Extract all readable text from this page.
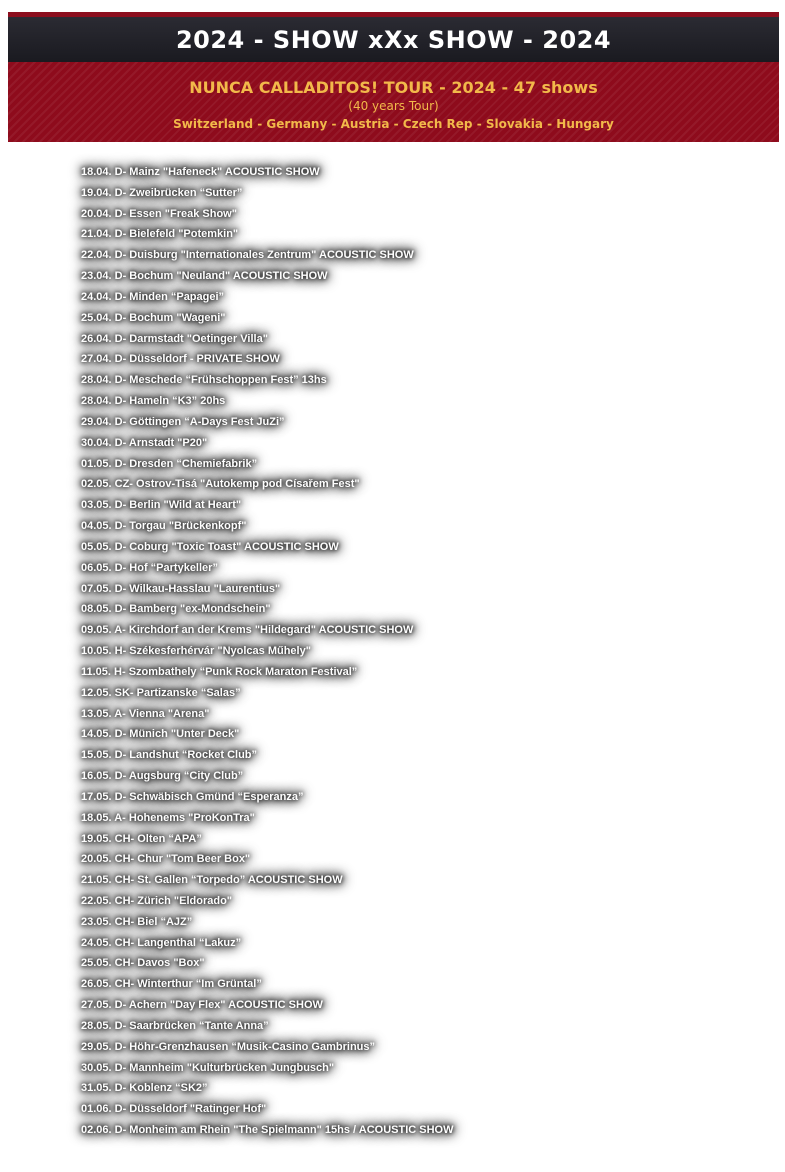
2024 - SHOW xXx SHOW - 2024
NUNCA CALLADITOS! TOUR - 2024 - 47 shows
(40 years Tour)
Switzerland - Germany - Austria - Czech Rep - Slovakia - Hungary
18.04. D- Mainz "Hafeneck" ACOUSTIC SHOW
19.04. D- Zweibrücken “Sutter”
20.04. D- Essen "Freak Show"
21.04. D- Bielefeld "Potemkin"
22.04. D- Duisburg "Internationales Zentrum" ACOUSTIC SHOW
23.04. D- Bochum "Neuland" ACOUSTIC SHOW
24.04. D- Minden “Papagei”
25.04. D- Bochum "Wageni"
26.04. D- Darmstadt "Oetinger Villa"
27.04. D- Düsseldorf - PRIVATE SHOW
28.04. D- Meschede “Frühschoppen Fest” 13hs
28.04. D- Hameln “K3” 20hs
29.04. D- Göttingen “A-Days Fest JuZi”
30.04. D- Arnstadt "P20"
01.05. D- Dresden “Chemiefabrik”
02.05. CZ- Ostrov-Tisá "Autokemp pod Císařem Fest"
03.05. D- Berlin "Wild at Heart"
04.05. D- Torgau "Brückenkopf"
05.05. D- Coburg "Toxic Toast" ACOUSTIC SHOW
06.05. D- Hof “Partykeller”
07.05. D- Wilkau-Hasslau "Laurentius"
08.05. D- Bamberg "ex-Mondschein"
09.05. A- Kirchdorf an der Krems "Hildegard" ACOUSTIC SHOW
10.05. H- Székesferhérvár "Nyolcas Műhely"
11.05. H- Szombathely “Punk Rock Maraton Festival”
12.05. SK- Partizanske “Salas”
13.05. A- Vienna "Arena"
14.05. D- Münich "Unter Deck"
15.05. D- Landshut “Rocket Club”
16.05. D- Augsburg “City Club”
17.05. D- Schwäbisch Gmünd “Esperanza”
18.05. A- Hohenems "ProKonTra"
19.05. CH- Olten “APA”
20.05. CH- Chur "Tom Beer Box"
21.05. CH- St. Gallen “Torpedo” ACOUSTIC SHOW
22.05. CH- Zürich "Eldorado"
23.05. CH- Biel “AJZ”
24.05. CH- Langenthal “Lakuz”
25.05. CH- Davos "Box"
26.05. CH- Winterthur “Im Grüntal”
27.05. D- Achern "Day Flex" ACOUSTIC SHOW
28.05. D- Saarbrücken “Tante Anna”
29.05. D- Höhr-Grenzhausen “Musik-Casino Gambrinus”
30.05. D- Mannheim "Kulturbrücken Jungbusch"
31.05. D- Koblenz “SK2”
01.06. D- Düsseldorf "Ratinger Hof"
02.06. D- Monheim am Rhein "The Spielmann" 15hs / ACOUSTIC SHOW
